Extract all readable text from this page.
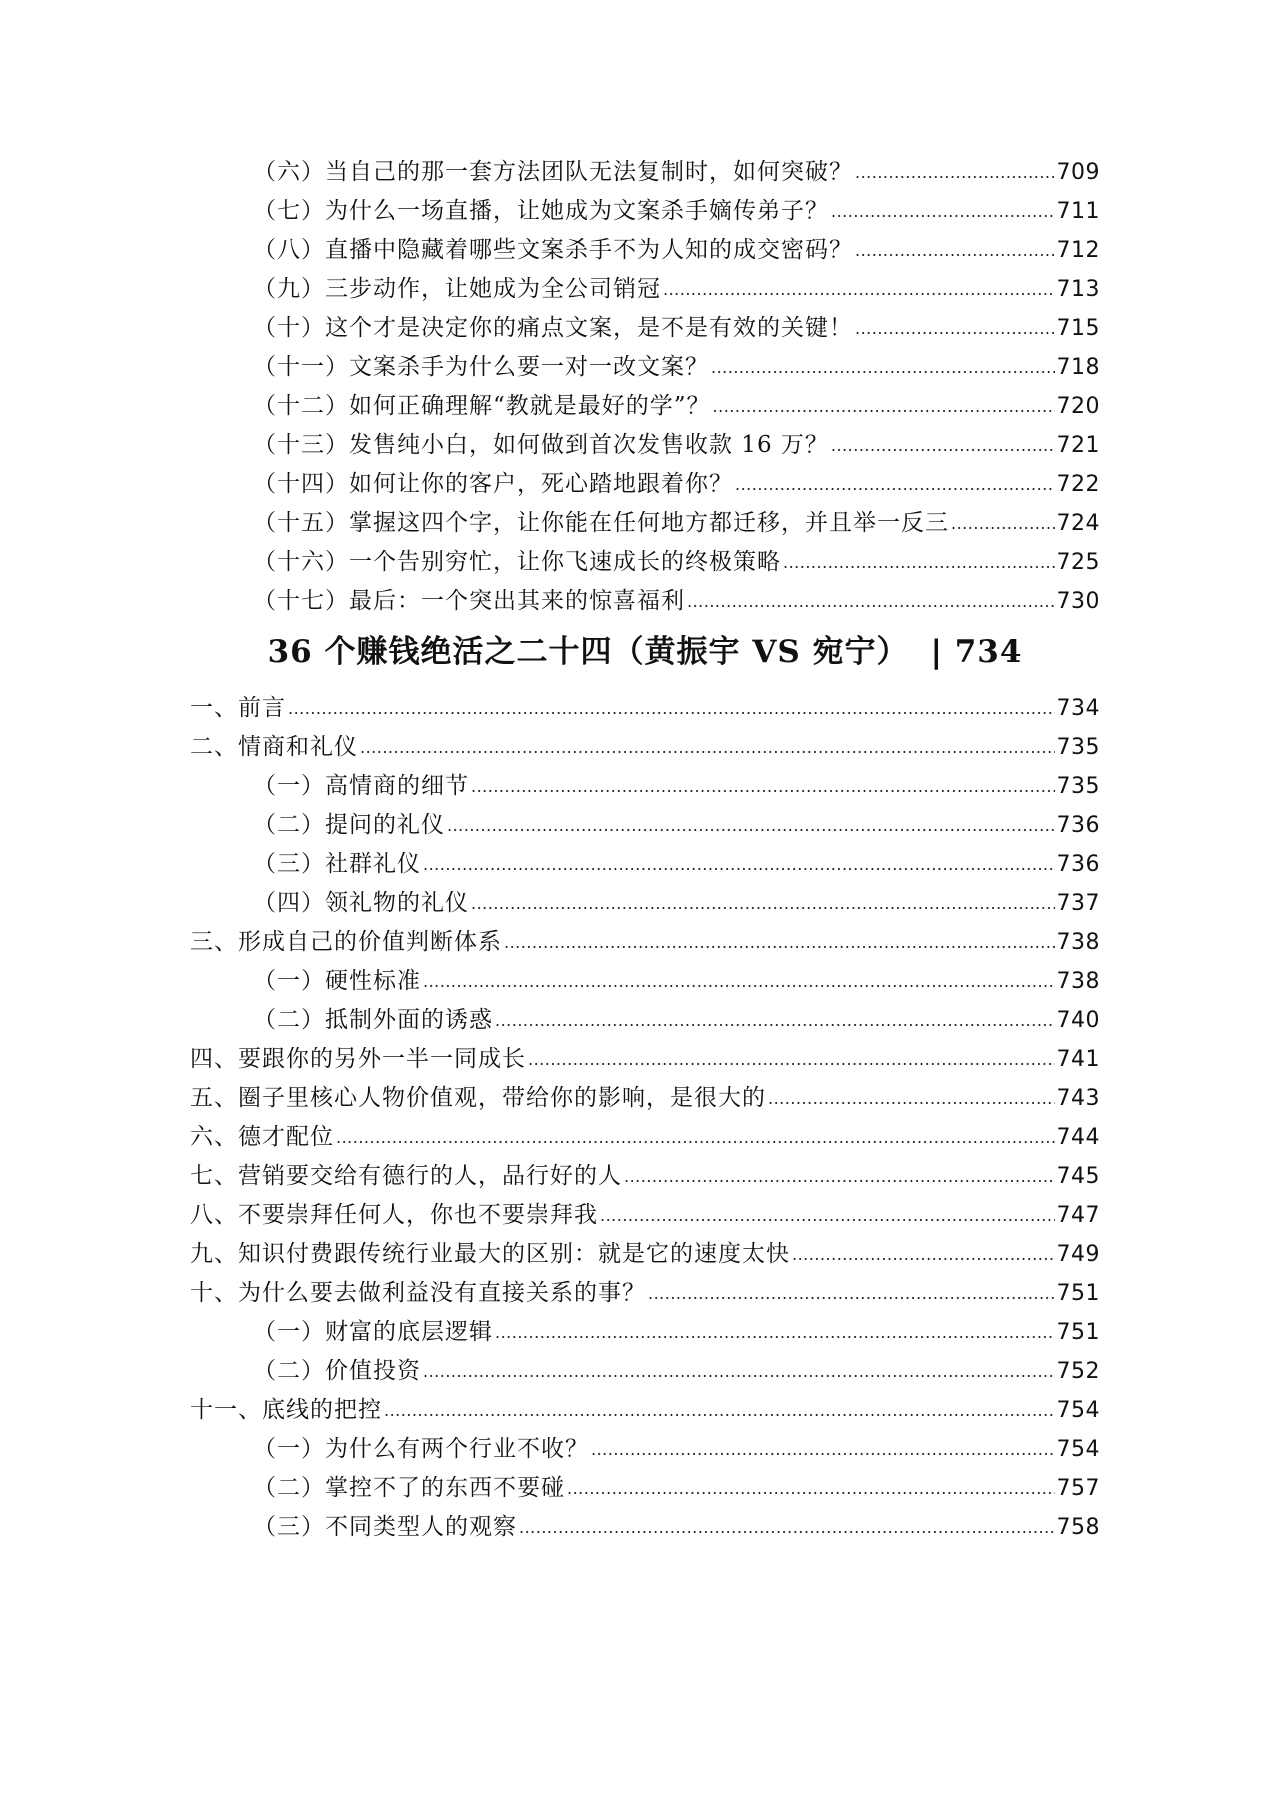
（六）当自己的那一套方法团队无法复制时，如何突破？ .....	709
（七）为什么一场直播，让她成为文案杀手嫡传弟子？ .....	711
（八）直播中隐藏着哪些文案杀手不为人知的成交密码？ .....	712
（九）三步动作，让她成为全公司销冠 .....	713
（十）这个才是决定你的痛点文案，是不是有效的关键！ .....	715
（十一）文案杀手为什么要一对一改文案？ .....	718
（十二）如何正确理解“教就是最好的学”？ .....	720
（十三）发售纯小白，如何做到首次发售收款 16 万？ .....	721
（十四）如何让你的客户，死心踏地跟着你？ .....	722
（十五）掌握这四个字，让你能在任何地方都迁移，并且举一反三 .....	724
（十六）一个告别穷忙，让你飞速成长的终极策略 .....	725
（十七）最后：一个突出其来的惊喜福利 .....	730
36 个赚钱绝活之二十四（黄振宇 VS 宛宁） | 734
一、前言 .....	734
二、情商和礼仪 .....	735
（一）高情商的细节 .....	735
（二）提问的礼仪 .....	736
（三）社群礼仪 .....	736
（四）领礼物的礼仪 .....	737
三、形成自己的价值判断体系 .....	738
（一）硬性标准 .....	738
（二）抵制外面的诱惑 .....	740
四、要跟你的另外一半一同成长 .....	741
五、圈子里核心人物价值观，带给你的影响，是很大的 .....	743
六、德才配位 .....	744
七、营销要交给有德行的人，品行好的人 .....	745
八、不要崇拜任何人，你也不要崇拜我 .....	747
九、知识付费跟传统行业最大的区别：就是它的速度太快 .....	749
十、为什么要去做利益没有直接关系的事？ .....	751
（一）财富的底层逻辑 .....	751
（二）价值投资 .....	752
十一、底线的把控 .....	754
（一）为什么有两个行业不收？ .....	754
（二）掌控不了的东西不要碰 .....	757
（三）不同类型人的观察 .....	758
